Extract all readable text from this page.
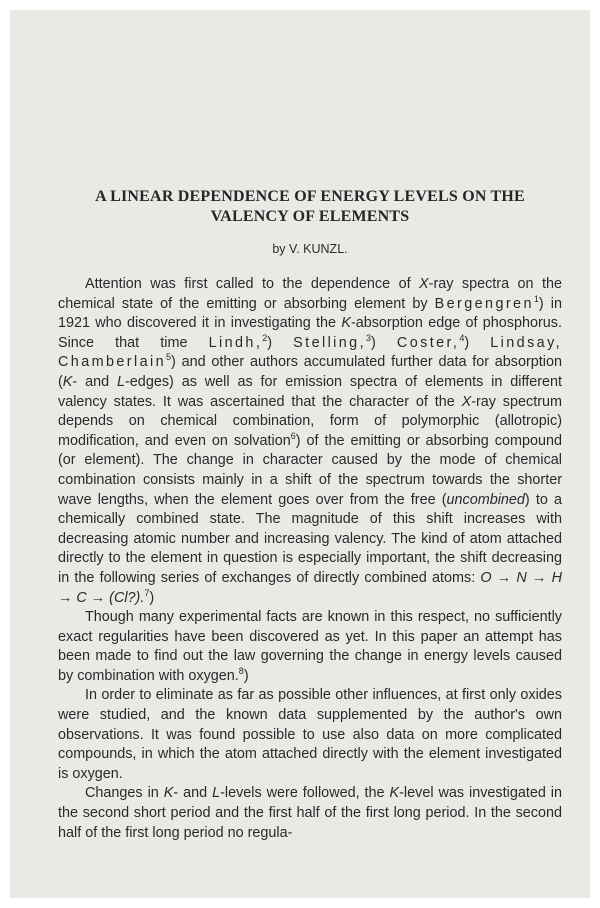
A LINEAR DEPENDENCE OF ENERGY LEVELS ON THE
VALENCY OF ELEMENTS
by V. KUNZL.

Attention was first called to the dependence of X-ray spectra on the chemical state of the emitting or absorbing element by Bergengren$^1$) in 1921 who discovered it in investigating the K-absorption edge of phosphorus. Since that time Lindh,$^2$) Stelling,$^3$) Coster,$^4$) Lindsay, Chamberlain$^5$) and other authors accumulated further data for absorption (K- and L-edges) as well as for emission spectra of elements in different valency states. It was ascertained that the character of the X-ray spectrum depends on chemical combination, form of polymorphic (allotropic) modification, and even on solvation$^6$) of the emitting or absorbing compound (or element). The change in character caused by the mode of chemical combination consists mainly in a shift of the spectrum towards the shorter wave lengths, when the element goes over from the free (uncombined) to a chemically combined state. The magnitude of this shift increases with decreasing atomic number and increasing valency. The kind of atom attached directly to the element in question is especially important, the shift decreasing in the following series of exchanges of directly combined atoms: O → N → H → C → (Cl?).$^7$)

Though many experimental facts are known in this respect, no sufficiently exact regularities have been discovered as yet. In this paper an attempt has been made to find out the law governing the change in energy levels caused by combination with oxygen.$^8$)

In order to eliminate as far as possible other influences, at first only oxides were studied, and the known data supplemented by the author's own observations. It was found possible to use also data on more complicated compounds, in which the atom attached directly with the element investigated is oxygen.

Changes in K- and L-levels were followed, the K-level was investigated in the second short period and the first half of the first long period. In the second half of the first long period no regula-
